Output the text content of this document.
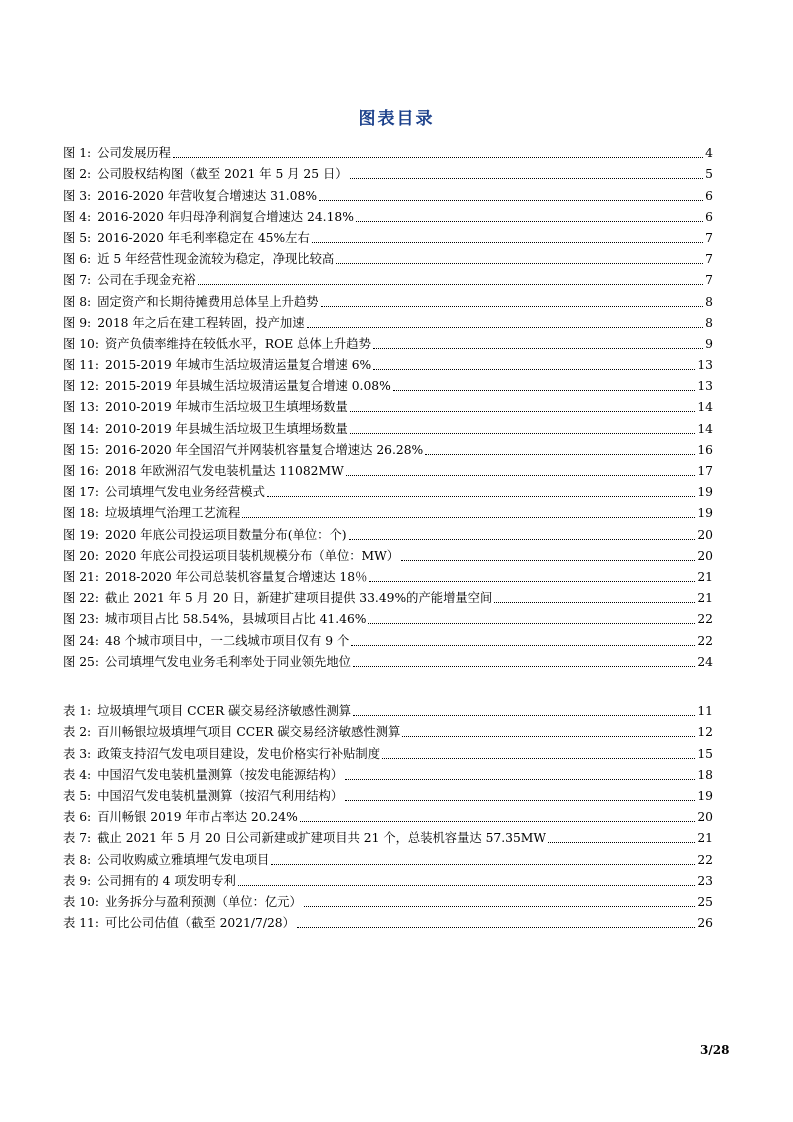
图表目录
图 1: 公司发展历程	4
图 2: 公司股权结构图（截至 2021 年 5 月 25 日）	5
图 3: 2016-2020 年营收复合增速达 31.08%	6
图 4: 2016-2020 年归母净利润复合增速达 24.18%	6
图 5: 2016-2020 年毛利率稳定在 45%左右	7
图 6: 近 5 年经营性现金流较为稳定，净现比较高	7
图 7: 公司在手现金充裕	7
图 8: 固定资产和长期待摊费用总体呈上升趋势	8
图 9: 2018 年之后在建工程转固，投产加速	8
图 10: 资产负债率维持在较低水平，ROE 总体上升趋势	9
图 11: 2015-2019 年城市生活垃圾清运量复合增速 6%	13
图 12: 2015-2019 年县城生活垃圾清运量复合增速 0.08%	13
图 13: 2010-2019 年城市生活垃圾卫生填埋场数量	14
图 14: 2010-2019 年县城生活垃圾卫生填埋场数量	14
图 15: 2016-2020 年全国沼气并网装机容量复合增速达 26.28%	16
图 16: 2018 年欧洲沼气发电装机量达 11082MW	17
图 17: 公司填埋气发电业务经营模式	19
图 18: 垃圾填埋气治理工艺流程	19
图 19: 2020 年底公司投运项目数量分布(单位：个)	20
图 20: 2020 年底公司投运项目装机规模分布（单位：MW）	20
图 21: 2018-2020 年公司总装机容量复合增速达 18％	21
图 22: 截止 2021 年 5 月 20 日，新建扩建项目提供 33.49%的产能增量空间	21
图 23: 城市项目占比 58.54%，县城项目占比 41.46%	22
图 24: 48 个城市项目中，一二线城市项目仅有 9 个	22
图 25: 公司填埋气发电业务毛利率处于同业领先地位	24
表 1: 垃圾填埋气项目 CCER 碳交易经济敏感性测算	11
表 2: 百川畅银垃圾填埋气项目 CCER 碳交易经济敏感性测算	12
表 3: 政策支持沼气发电项目建设，发电价格实行补贴制度	15
表 4: 中国沼气发电装机量测算（按发电能源结构）	18
表 5: 中国沼气发电装机量测算（按沼气利用结构）	19
表 6: 百川畅银 2019 年市占率达 20.24%	20
表 7: 截止 2021 年 5 月 20 日公司新建或扩建项目共 21 个，总装机容量达 57.35MW	21
表 8: 公司收购威立雅填埋气发电项目	22
表 9: 公司拥有的 4 项发明专利	23
表 10: 业务拆分与盈利预测（单位：亿元）	25
表 11: 可比公司估值（截至 2021/7/28）	26
3/28
